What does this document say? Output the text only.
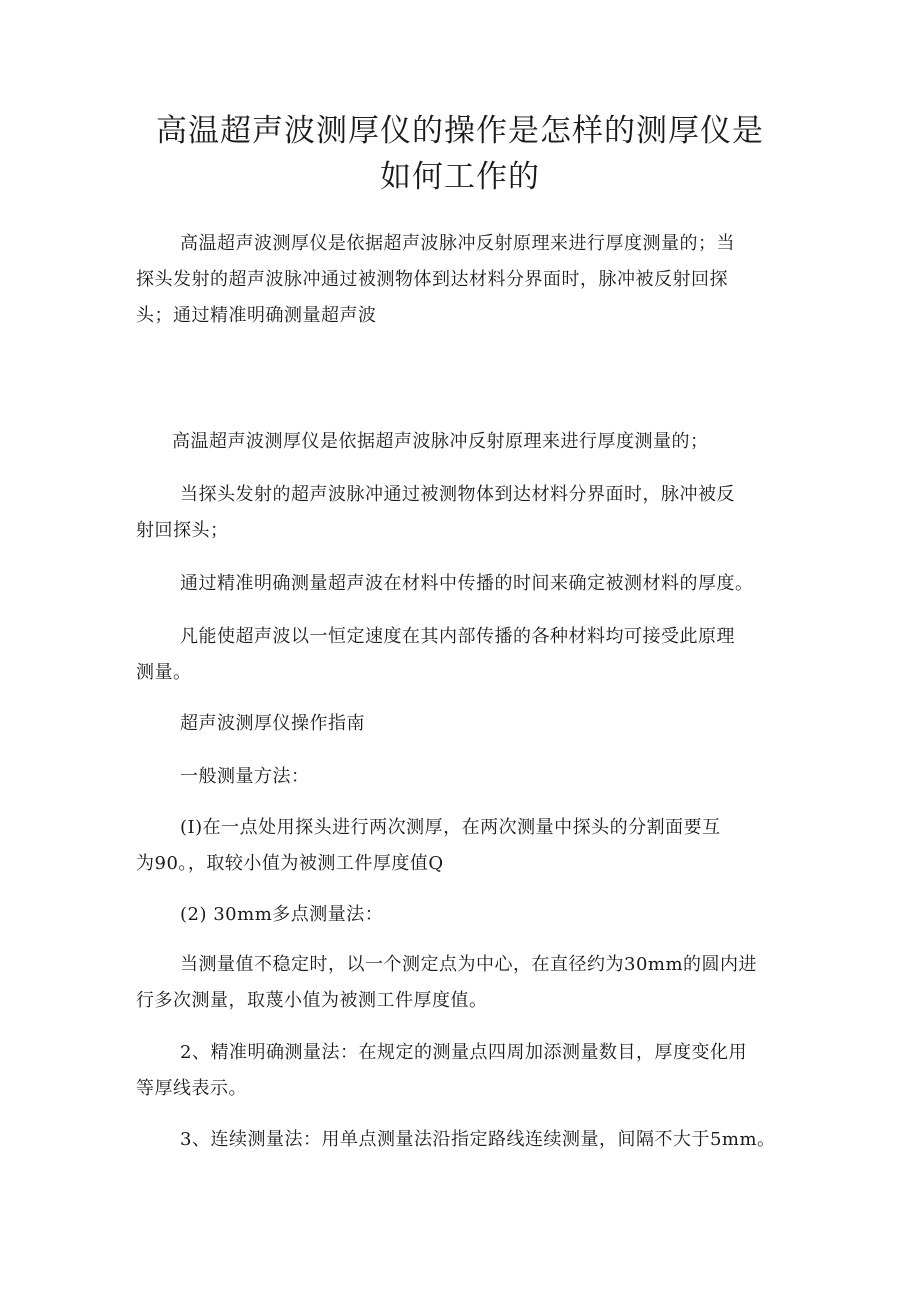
高温超声波测厚仪的操作是怎样的测厚仪是
如何工作的

高温超声波测厚仪是依据超声波脉冲反射原理来进行厚度测量的；当
探头发射的超声波脉冲通过被测物体到达材料分界面时，脉冲被反射回探
头；通过精准明确测量超声波

高温超声波测厚仪是依据超声波脉冲反射原理来进行厚度测量的；

当探头发射的超声波脉冲通过被测物体到达材料分界面时，脉冲被反
射回探头；

通过精准明确测量超声波在材料中传播的时间来确定被测材料的厚度。

凡能使超声波以一恒定速度在其内部传播的各种材料均可接受此原理
测量。

超声波测厚仪操作指南

一般测量方法：

(I)在一点处用探头进行两次测厚，在两次测量中探头的分割面要互
为90。，取较小值为被测工件厚度值Q

(2) 30mm多点测量法：

当测量值不稳定时，以一个测定点为中心，在直径约为30mm的圆内进
行多次测量，取蔑小值为被测工件厚度值。

2、精准明确测量法：在规定的测量点四周加添测量数目，厚度变化用
等厚线表示。

3、连续测量法：用单点测量法沿指定路线连续测量，间隔不大于5mm。
